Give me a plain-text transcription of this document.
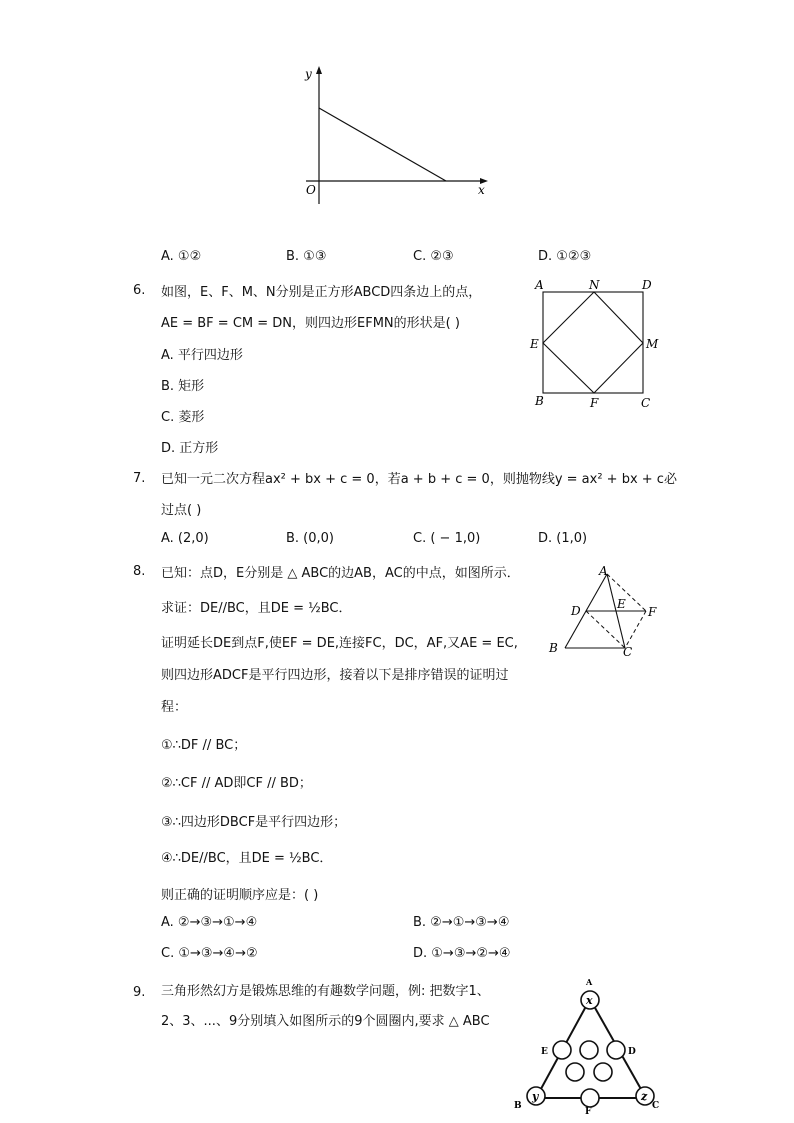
y
x
O
A. ①②	B. ①③	C. ②③	D. ①②③
6. 如图，E、F、M、N分别是正方形ABCD四条边上的点，
AE = BF = CM = DN，则四边形EFMN的形状是( )
A. 平行四边形
B. 矩形
C. 菱形
D. 正方形
A	N	D
E	M
B	F	C
7. 已知一元二次方程ax² + bx + c = 0，若a + b + c = 0，则抛物线y = ax² + bx + c必
过点( )
A. (2,0)	B. (0,0)	C. ( − 1,0)	D. (1,0)
8. 已知：点D，E分别是 △ ABC的边AB，AC的中点，如图所示．
求证：DE//BC，且DE = ½BC．
证明延长DE到点F,使EF = DE,连接FC，DC，AF,又AE = EC,
则四边形ADCF是平行四边形，接着以下是排序错误的证明过
程：
①∴DF // BC；
②∴CF // AD即CF // BD；
③∴四边形DBCF是平行四边形；
④∴DE//BC，且DE = ½BC．
则正确的证明顺序应是：( )
A. ②→③→①→④	B. ②→①→③→④
C. ①→③→④→②	D. ①→③→②→④
A
D	E
F
B	C
9. 三角形然幻方是锻炼思维的有趣数学问题，例: 把数字1、
2、3、...、9分别填入如图所示的9个圆圈内,要求 △ ABC
A
x
E	D
B
y
F
z
C
